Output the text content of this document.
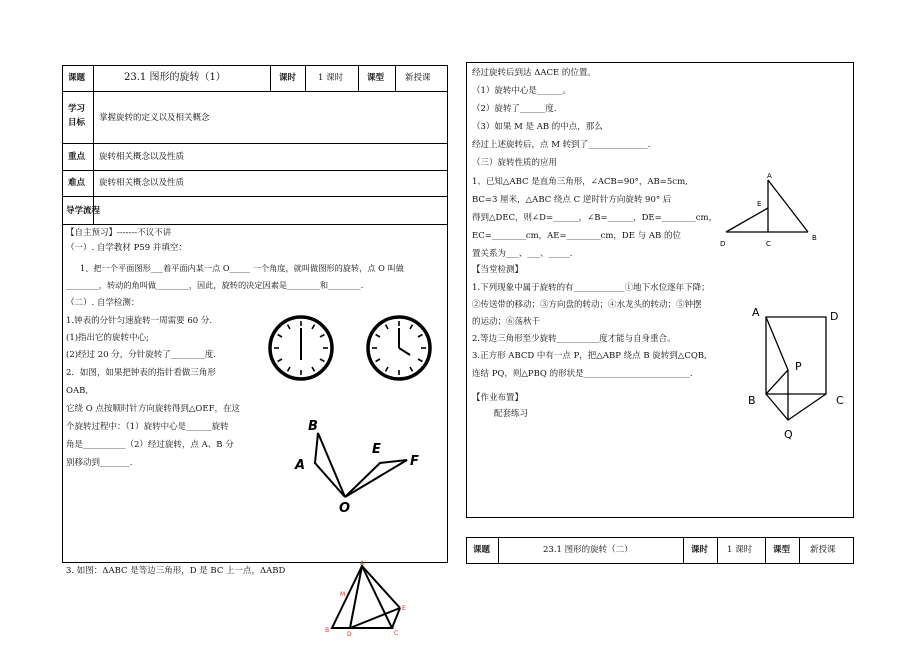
课题	23.1 图形的旋转（1）	课时	1 课时	课型 新授课
学习
目标 掌握旋转的定义以及相关概念
重点 旋转相关概念以及性质
难点 旋转相关概念以及性质
导学流程
【自主预习】-------不议不讲
（一）. 自学教材 P59 并填空：
1、把一个平面图形___着平面内某一点 O_____ 一个角度，就叫做图形的旋转，点 O 叫做
________，转动的角叫做________，因此，旋转的决定因素是________和________.
（二）. 自学检测：
1.钟表的分针匀速旋转一周需要 60 分.
(1)指出它的旋转中心;
(2)经过 20 分，分针旋转了________度.
2．如图，如果把钟表的指针看做三角形
OAB,
它绕 O 点按顺时针方向旋转得到△OEF，在这
个旋转过程中：（1）旋转中心是______旋转
角是__________（2）经过旋转，点 A、B 分
别移动到_______.
3. 如图：ΔABC 是等边三角形，D 是 BC 上一点，ΔABD
B
A
E
F
O
A
M
B
D	C
E
经过旋转后到达 ΔACE 的位置。
（1）旋转中心是______。
（2）旋转了______度.
（3）如果 M 是 AB 的中点，那么
经过上述旋转后，点 M 转到了______________.
（三）旋转性质的应用
1、已知△ABC 是直角三角形，∠ACB=90°，AB=5cm,
BC=3 厘米，△ABC 绕点 C 逆时针方向旋转 90° 后
得到△DEC，则∠D=______，∠B=______，DE=________cm，
EC=________cm，AE=________cm，DE 与 AB 的位
置关系为___、___、_____.
【当堂检测】
1.下列现象中属于旋转的有____________①地下水位逐年下降；
②传送带的移动；③方向盘的转动；④水龙头的转动；⑤钟摆
的运动；⑥荡秋千
2.等边三角形至少旋转__________度才能与自身重合。
3.正方形 ABCD 中有一点 P，把△ABP 绕点 B 旋转到△CQB,
连结 PQ，则△PBQ 的形状是_________________________.
【作业布置】
配套练习
A
E
D	C
B
A	D
P
B	C
Q
课题	23.1 图形的旋转（二）	课时 1 课时 课型 新授课
